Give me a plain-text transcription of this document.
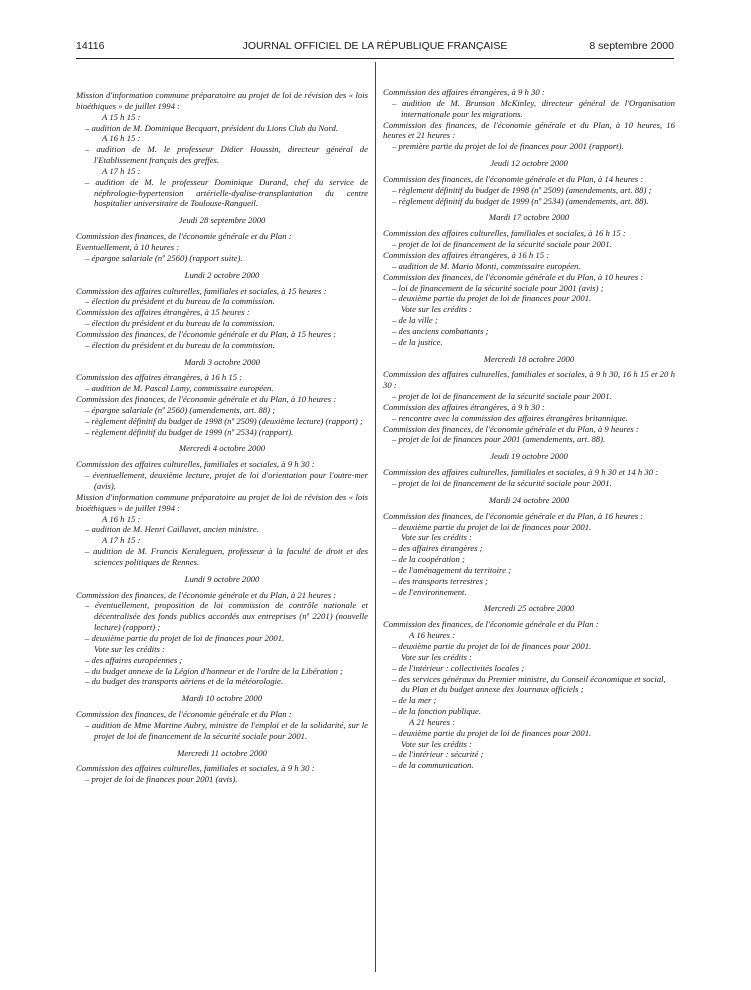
14116	JOURNAL OFFICIEL DE LA RÉPUBLIQUE FRANÇAISE	8 septembre 2000

Mission d'information commune préparatoire au projet de loi de révision des « lois bioéthiques » de juillet 1994 :

A 15 h 15 :

– audition de M. Dominique Becquart, président du Lions Club du Nord.

A 16 h 15 :

– audition de M. le professeur Didier Houssin, directeur général de l'Etablissement français des greffes.

A 17 h 15 :

– audition de M. le professeur Dominique Durand, chef du service de néphrologie-hypertension artérielle-dyalise-transplantation du centre hospitalier universitaire de Toulouse-Rangueil.

Jeudi 28 septembre 2000

Commission des finances, de l'économie générale et du Plan :

Eventuellement, à 10 heures :

– épargne salariale (nº 2560) (rapport suite).

Lundi 2 octobre 2000

Commission des affaires culturelles, familiales et sociales, à 15 heures :

– élection du président et du bureau de la commission.

Commission des affaires étrangères, à 15 heures :

– élection du président et du bureau de la commission.

Commission des finances, de l'économie générale et du Plan, à 15 heures :

– élection du président et du bureau de la commission.

Mardi 3 octobre 2000

Commission des affaires étrangères, à 16 h 15 :

– audition de M. Pascal Lamy, commissaire européen.

Commission des finances, de l'économie générale et du Plan, à 10 heures :

– épargne salariale (nº 2560) (amendements, art. 88) ;

– règlement définitif du budget de 1998 (nº 2509) (deuxième lecture) (rapport) ;

– règlement définitif du budget de 1999 (nº 2534) (rapport).

Mercredi 4 octobre 2000

Commission des affaires culturelles, familiales et sociales, à 9 h 30 :

– éventuellement, deuxième lecture, projet de loi d'orientation pour l'outre-mer (avis).

Mission d'information commune préparatoire au projet de loi de révision des « lois bioéthiques » de juillet 1994 :

A 16 h 15 :

– audition de M. Henri Caillavet, ancien ministre.

A 17 h 15 :

– audition de M. Francis Keraleguen, professeur à la faculté de droit et des sciences politiques de Rennes.

Lundi 9 octobre 2000

Commission des finances, de l'économie générale et du Plan, à 21 heures :

– éventuellement, proposition de loi commission de contrôle nationale et décentralisée des fonds publics accordés aux entreprises (nº 2201) (nouvelle lecture) (rapport) ;

– deuxième partie du projet de loi de finances pour 2001.

Vote sur les crédits :

– des affaires européennes ;

– du budget annexe de la Légion d'honneur et de l'ordre de la Libération ;

– du budget des transports aériens et de la météorologie.

Mardi 10 octobre 2000

Commission des finances, de l'économie générale et du Plan :

– audition de Mme Martine Aubry, ministre de l'emploi et de la solidarité, sur le projet de loi de financement de la sécurité sociale pour 2001.

Mercredi 11 octobre 2000

Commission des affaires culturelles, familiales et sociales, à 9 h 30 :

– projet de loi de finances pour 2001 (avis).

Commission des affaires étrangères, à 9 h 30 :

– audition de M. Brunson McKinley, directeur général de l'Organisation internationale pour les migrations.

Commission des finances, de l'économie générale et du Plan, à 10 heures, 16 heures et 21 heures :

– première partie du projet de loi de finances pour 2001 (rapport).

Jeudi 12 octobre 2000

Commission des finances, de l'économie générale et du Plan, à 14 heures :

– règlement définitif du budget de 1998 (nº 2509) (amendements, art. 88) ;

– règlement définitif du budget de 1999 (nº 2534) (amendements, art. 88).

Mardi 17 octobre 2000

Commission des affaires culturelles, familiales et sociales, à 16 h 15 :

– projet de loi de financement de la sécurité sociale pour 2001.

Commission des affaires étrangères, à 16 h 15 :

– audition de M. Mario Monti, commissaire européen.

Commission des finances, de l'économie générale et du Plan, à 10 heures :

– loi de financement de la sécurité sociale pour 2001 (avis) ;

– deuxième partie du projet de loi de finances pour 2001.

Vote sur les crédits :

– de la ville ;

– des anciens combattants ;

– de la justice.

Mercredi 18 octobre 2000

Commission des affaires culturelles, familiales et sociales, à 9 h 30, 16 h 15 et 20 h 30 :

– projet de loi de financement de la sécurité sociale pour 2001.

Commission des affaires étrangères, à 9 h 30 :

– rencontre avec la commission des affaires étrangères britannique.

Commission des finances, de l'économie générale et du Plan, à 9 heures :

– projet de loi de finances pour 2001 (amendements, art. 88).

Jeudi 19 octobre 2000

Commission des affaires culturelles, familiales et sociales, à 9 h 30 et 14 h 30 :

– projet de loi de financement de la sécurité sociale pour 2001.

Mardi 24 octobre 2000

Commission des finances, de l'économie générale et du Plan, à 16 heures :

– deuxième partie du projet de loi de finances pour 2001.

Vote sur les crédits :

– des affaires étrangères ;

– de la coopération ;

– de l'aménagement du territoire ;

– des transports terrestres ;

– de l'environnement.

Mercredi 25 octobre 2000

Commission des finances, de l'économie générale et du Plan :

A 16 heures :

– deuxième partie du projet de loi de finances pour 2001.

Vote sur les crédits :

– de l'intérieur : collectivités locales ;

– des services généraux du Premier ministre, du Conseil économique et social, du Plan et du budget annexe des Journaux officiels ;

– de la mer ;

– de la fonction publique.

A 21 heures :

– deuxième partie du projet de loi de finances pour 2001.

Vote sur les crédits :

– de l'intérieur : sécurité ;

– de la communication.
